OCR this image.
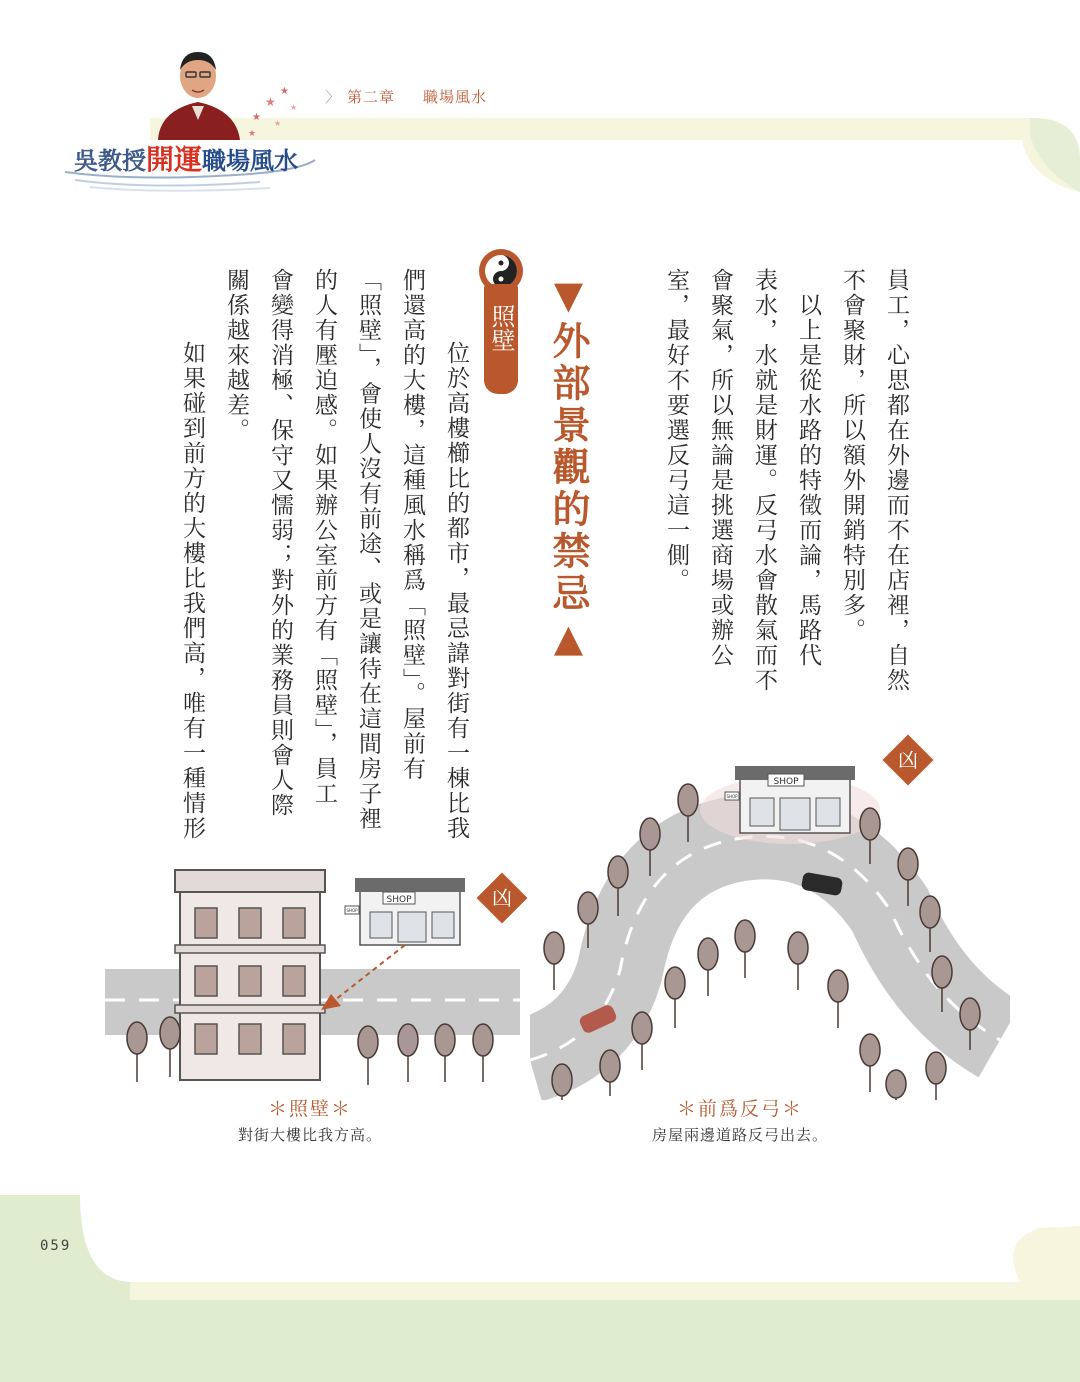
★
★ ★
★
★
★
吳教授開運職場風水
〉 第二章 職場風水
員工，心思都在外邊而不在店裡，自然
不會聚財，所以額外開銷特別多。
　以上是從水路的特徵而論，馬路代
表水，水就是財運。反弓水會散氣而不
會聚氣，所以無論是挑選商場或辦公
室，最好不要選反弓這一側。
▼外部景觀的禁忌▲
照壁
　位於高樓櫛比的都市，最忌諱對街有一棟比我
們還高的大樓，這種風水稱爲「照壁」。屋前有
「照壁」，會使人沒有前途、或是讓待在這間房子裡
的人有壓迫感。如果辦公室前方有「照壁」，員工
會變得消極、保守又懦弱；對外的業務員則會人際
關係越來越差。
　如果碰到前方的大樓比我們高，唯有一種情形
SHOP
SHOP
凶
＊照壁＊
對街大樓比我方高。
SHOP
SHOP
凶
＊前爲反弓＊
房屋兩邊道路反弓出去。
059
